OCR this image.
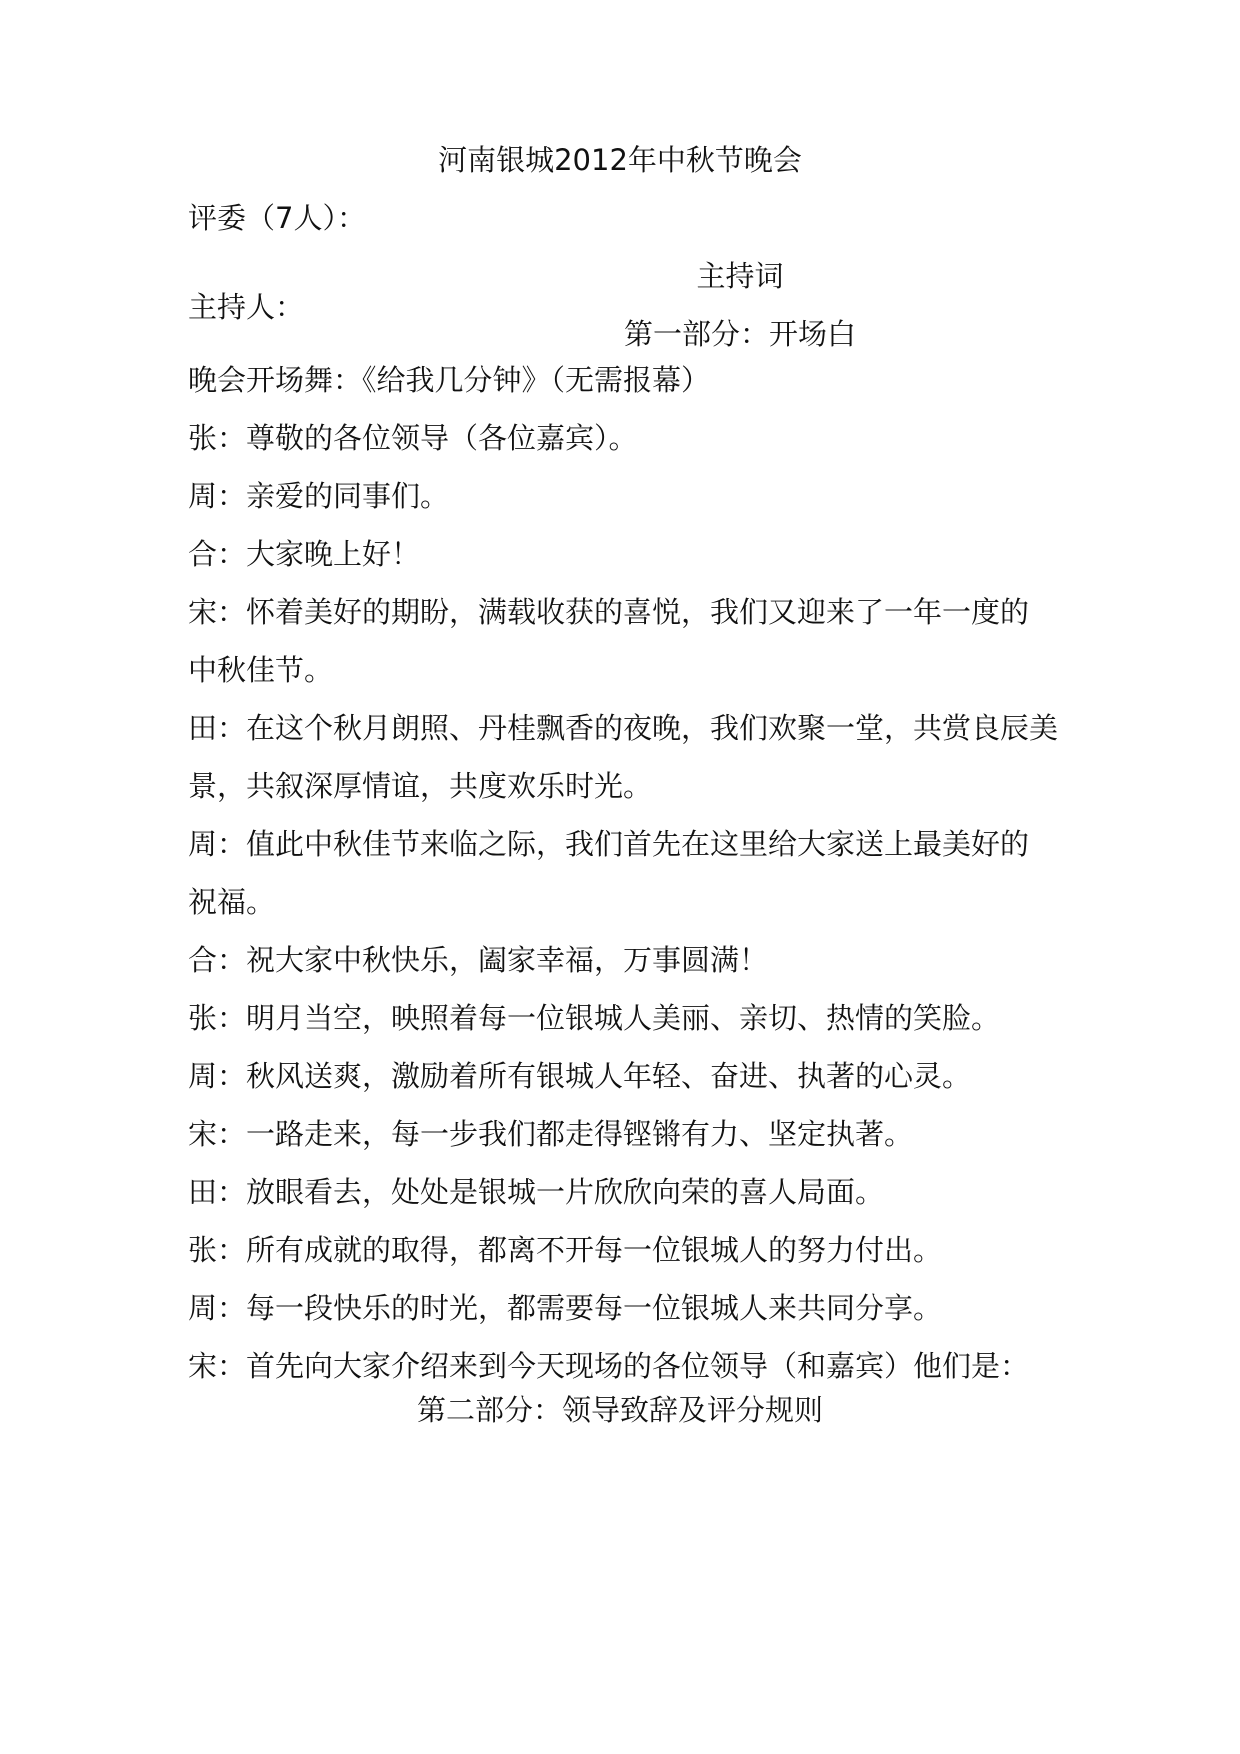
河南银城2012年中秋节晚会
评委（7人）：
主持词
主持人：
第一部分：开场白
晚会开场舞：《给我几分钟》（无需报幕）
张：尊敬的各位领导（各位嘉宾）。
周：亲爱的同事们。
合：大家晚上好！
宋：怀着美好的期盼，满载收获的喜悦，我们又迎来了一年一度的
中秋佳节。
田：在这个秋月朗照、丹桂飘香的夜晚，我们欢聚一堂，共赏良辰美
景，共叙深厚情谊，共度欢乐时光。
周：值此中秋佳节来临之际，我们首先在这里给大家送上最美好的
祝福。
合：祝大家中秋快乐，阖家幸福，万事圆满！
张：明月当空，映照着每一位银城人美丽、亲切、热情的笑脸。
周：秋风送爽，激励着所有银城人年轻、奋进、执著的心灵。
宋：一路走来，每一步我们都走得铿锵有力、坚定执著。
田：放眼看去，处处是银城一片欣欣向荣的喜人局面。
张：所有成就的取得，都离不开每一位银城人的努力付出。
周：每一段快乐的时光，都需要每一位银城人来共同分享。
宋：首先向大家介绍来到今天现场的各位领导（和嘉宾）他们是：
第二部分：领导致辞及评分规则
